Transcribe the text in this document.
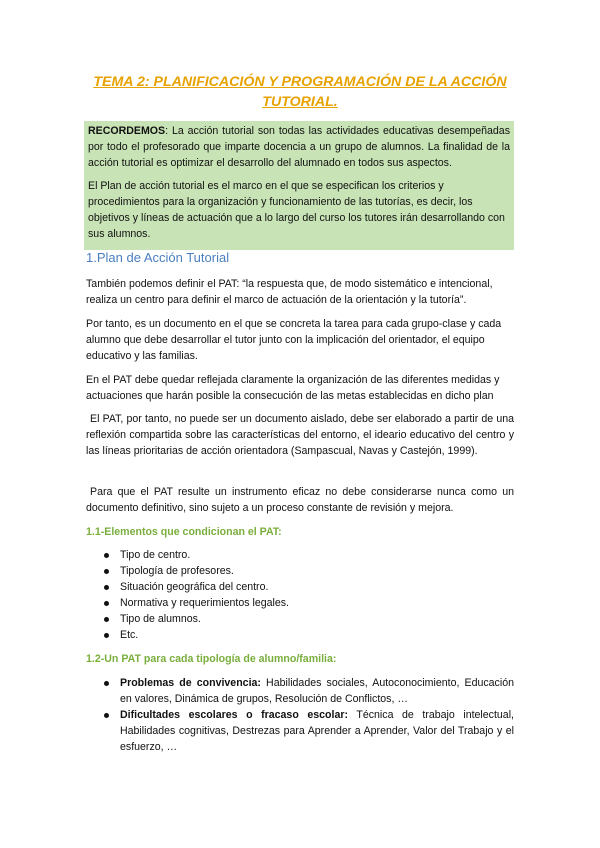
TEMA 2: PLANIFICACIÓN Y PROGRAMACIÓN DE LA ACCIÓN TUTORIAL.

RECORDEMOS: La acción tutorial son todas las actividades educativas desempeñadas por todo el profesorado que imparte docencia a un grupo de alumnos. La finalidad de la acción tutorial es optimizar el desarrollo del alumnado en todos sus aspectos.

El Plan de acción tutorial es el marco en el que se especifican los criterios y procedimientos para la organización y funcionamiento de las tutorías, es decir, los objetivos y líneas de actuación que a lo largo del curso los tutores irán desarrollando con sus alumnos.

1.Plan de Acción Tutorial

También podemos definir el PAT: “la respuesta que, de modo sistemático e intencional, realiza un centro para definir el marco de actuación de la orientación y la tutoría”.

Por tanto, es un documento en el que se concreta la tarea para cada grupo-clase y cada alumno que debe desarrollar el tutor junto con la implicación del orientador, el equipo educativo y las familias.

En el PAT debe quedar reflejada claramente la organización de las diferentes medidas y actuaciones que harán posible la consecución de las metas establecidas en dicho plan

El PAT, por tanto, no puede ser un documento aislado, debe ser elaborado a partir de una reflexión compartida sobre las características del entorno, el ideario educativo del centro y las líneas prioritarias de acción orientadora (Sampascual, Navas y Castejón, 1999).

Para que el PAT resulte un instrumento eficaz no debe considerarse nunca como un documento definitivo, sino sujeto a un proceso constante de revisión y mejora.

1.1-Elementos que condicionan el PAT:
Tipo de centro.
Tipología de profesores.
Situación geográfica del centro.
Normativa y requerimientos legales.
Tipo de alumnos.
Etc.
1.2-Un PAT para cada tipología de alumno/familia:
Problemas de convivencia: Habilidades sociales, Autoconocimiento, Educación en valores, Dinámica de grupos, Resolución de Conflictos, …
Dificultades escolares o fracaso escolar: Técnica de trabajo intelectual, Habilidades cognitivas, Destrezas para Aprender a Aprender, Valor del Trabajo y el esfuerzo, …
